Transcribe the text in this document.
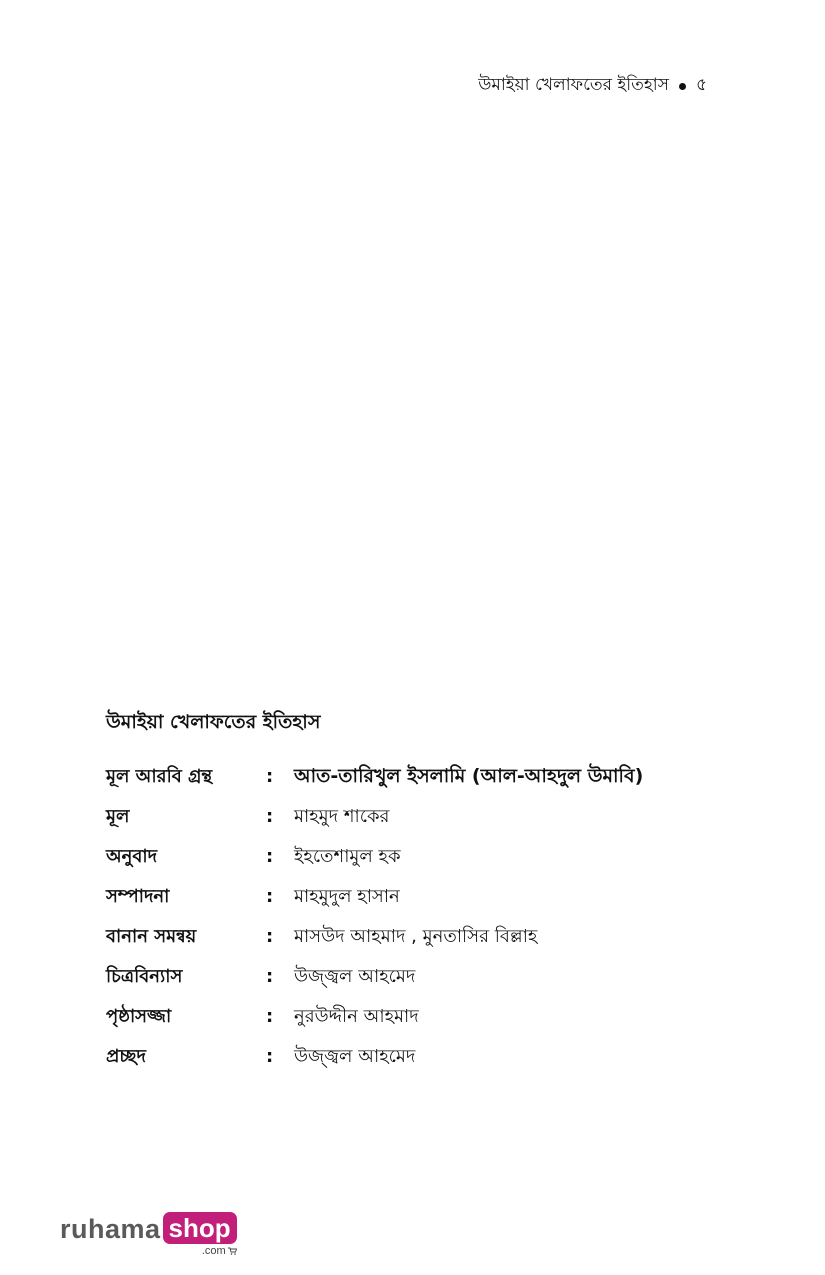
উমাইয়া খেলাফতের ইতিহাস ৫
উমাইয়া খেলাফতের ইতিহাস
মূল আরবি গ্রন্থ	:	আত-তারিখুল ইসলামি (আল-আহদুল উমাবি)
মূল	:	মাহমুদ শাকের
অনুবাদ	:	ইহতেশামুল হক
সম্পাদনা	:	মাহমুদুল হাসান
বানান সমন্বয়	:	মাসউদ আহমাদ , মুনতাসির বিল্লাহ
চিত্রবিন্যাস	:	উজ্জ্বল আহমেদ
পৃষ্ঠাসজ্জা	:	নুরউদ্দীন আহমাদ
প্রচ্ছদ	:	উজ্জ্বল আহমেদ
ruhama shop
.com
